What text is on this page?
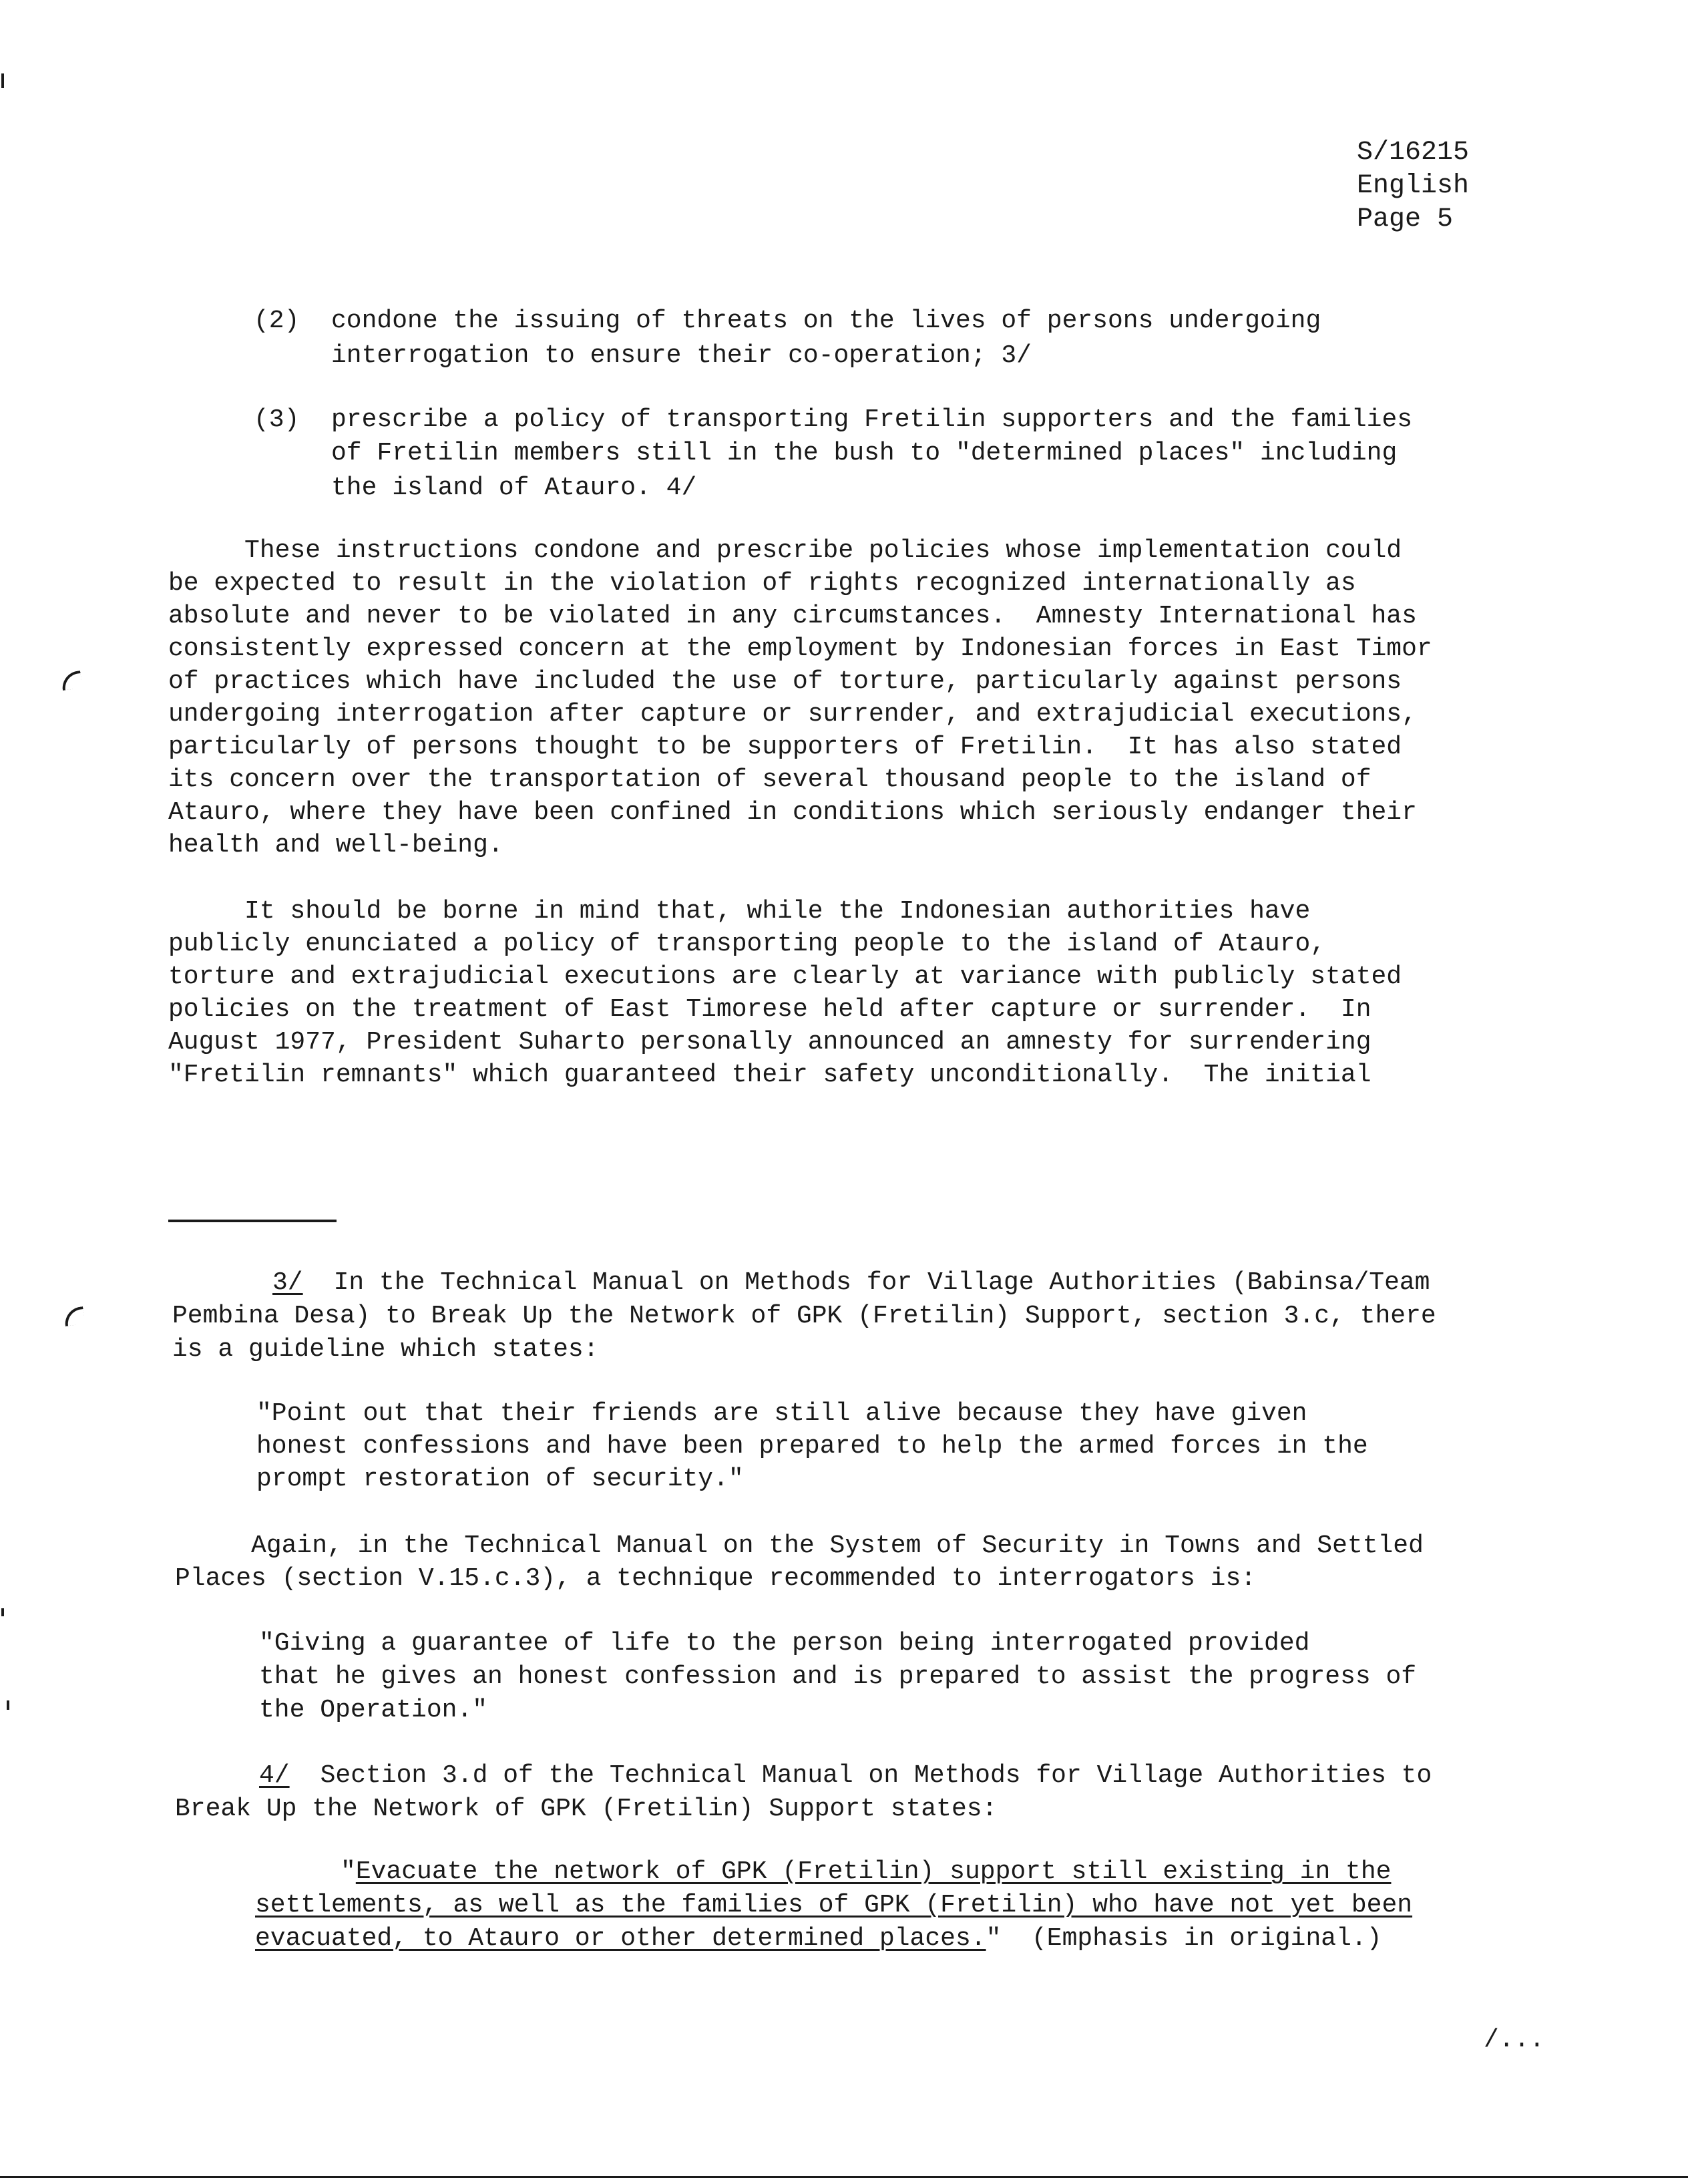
S/16215
English
Page 5
(2) condone the issuing of threats on the lives of persons undergoing
interrogation to ensure their co-operation; 3/
(3) prescribe a policy of transporting Fretilin supporters and the families
of Fretilin members still in the bush to "determined places" including
the island of Atauro. 4/
These instructions condone and prescribe policies whose implementation could
be expected to result in the violation of rights recognized internationally as
absolute and never to be violated in any circumstances.  Amnesty International has
consistently expressed concern at the employment by Indonesian forces in East Timor
of practices which have included the use of torture, particularly against persons
undergoing interrogation after capture or surrender, and extrajudicial executions,
particularly of persons thought to be supporters of Fretilin.  It has also stated
its concern over the transportation of several thousand people to the island of
Atauro, where they have been confined in conditions which seriously endanger their
health and well-being.
It should be borne in mind that, while the Indonesian authorities have
publicly enunciated a policy of transporting people to the island of Atauro,
torture and extrajudicial executions are clearly at variance with publicly stated
policies on the treatment of East Timorese held after capture or surrender.  In
August 1977, President Suharto personally announced an amnesty for surrendering
"Fretilin remnants" which guaranteed their safety unconditionally.  The initial
3/ In the Technical Manual on Methods for Village Authorities (Babinsa/Team
Pembina Desa) to Break Up the Network of GPK (Fretilin) Support, section 3.c, there
is a guideline which states:
"Point out that their friends are still alive because they have given
honest confessions and have been prepared to help the armed forces in the
prompt restoration of security."
Again, in the Technical Manual on the System of Security in Towns and Settled
Places (section V.15.c.3), a technique recommended to interrogators is:
"Giving a guarantee of life to the person being interrogated provided
that he gives an honest confession and is prepared to assist the progress of
the Operation."
4/ Section 3.d of the Technical Manual on Methods for Village Authorities to
Break Up the Network of GPK (Fretilin) Support states:
"Evacuate the network of GPK (Fretilin) support still existing in the
settlements, as well as the families of GPK (Fretilin) who have not yet been
evacuated, to Atauro or other determined places."  (Emphasis in original.)
/...
